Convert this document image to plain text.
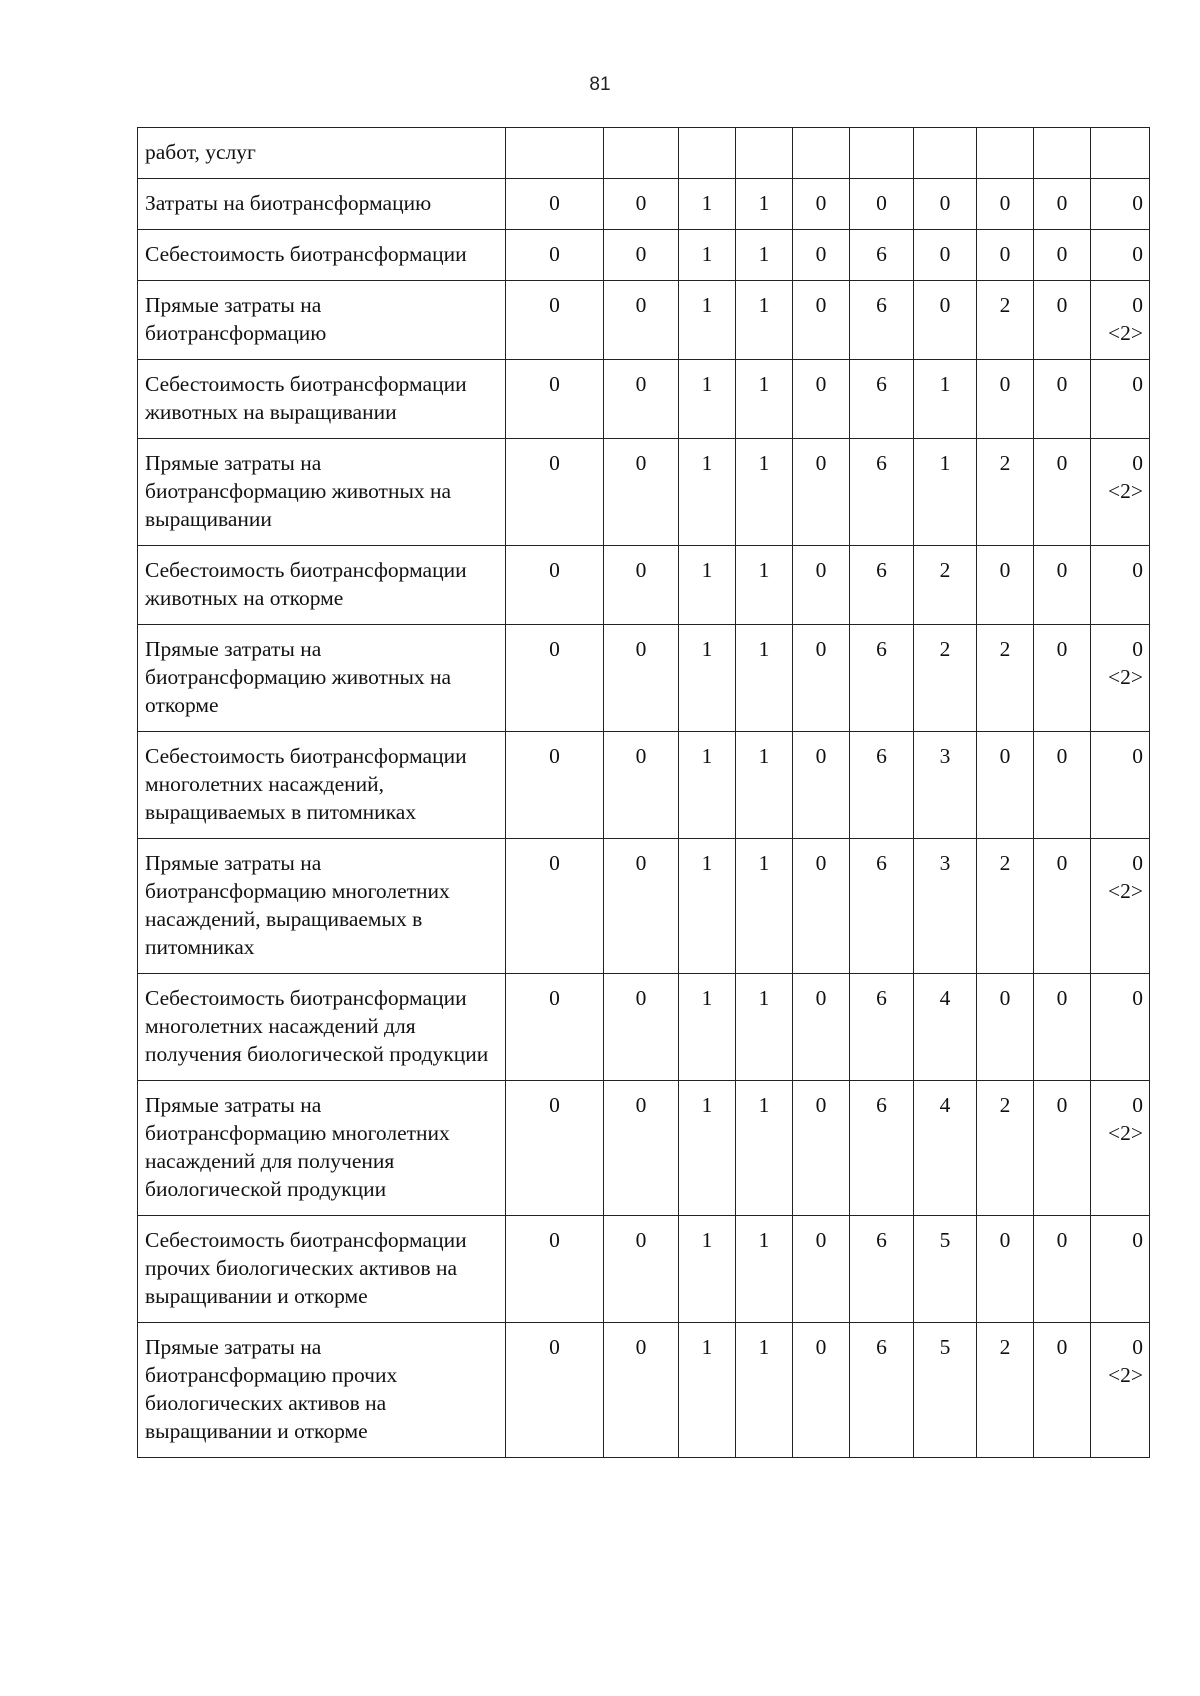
81
работ, услуг										
Затраты на биотрансформацию	0	0	1	1	0	0	0	0	0	0
Себестоимость биотрансформации	0	0	1	1	0	6	0	0	0	0
Прямые затраты на биотрансформацию	0	0	1	1	0	6	0	2	0	0
<2>

Себестоимость биотрансформации животных на выращивании	0	0	1	1	0	6	1	0	0	0
Прямые затраты на биотрансформацию животных на выращивании	0	0	1	1	0	6	1	2	0	0
<2>

Себестоимость биотрансформации животных на откорме	0	0	1	1	0	6	2	0	0	0
Прямые затраты на биотрансформацию животных на откорме	0	0	1	1	0	6	2	2	0	0
<2>

Себестоимость биотрансформации многолетних насаждений, выращиваемых в питомниках	0	0	1	1	0	6	3	0	0	0
Прямые затраты на биотрансформацию многолетних насаждений, выращиваемых в питомниках	0	0	1	1	0	6	3	2	0	0
<2>

Себестоимость биотрансформации многолетних насаждений для получения биологической продукции	0	0	1	1	0	6	4	0	0	0
Прямые затраты на биотрансформацию многолетних насаждений для получения биологической продукции	0	0	1	1	0	6	4	2	0	0
<2>

Себестоимость биотрансформации прочих биологических активов на выращивании и откорме	0	0	1	1	0	6	5	0	0	0
Прямые затраты на биотрансформацию прочих биологических активов на выращивании и откорме	0	0	1	1	0	6	5	2	0	0
<2>
